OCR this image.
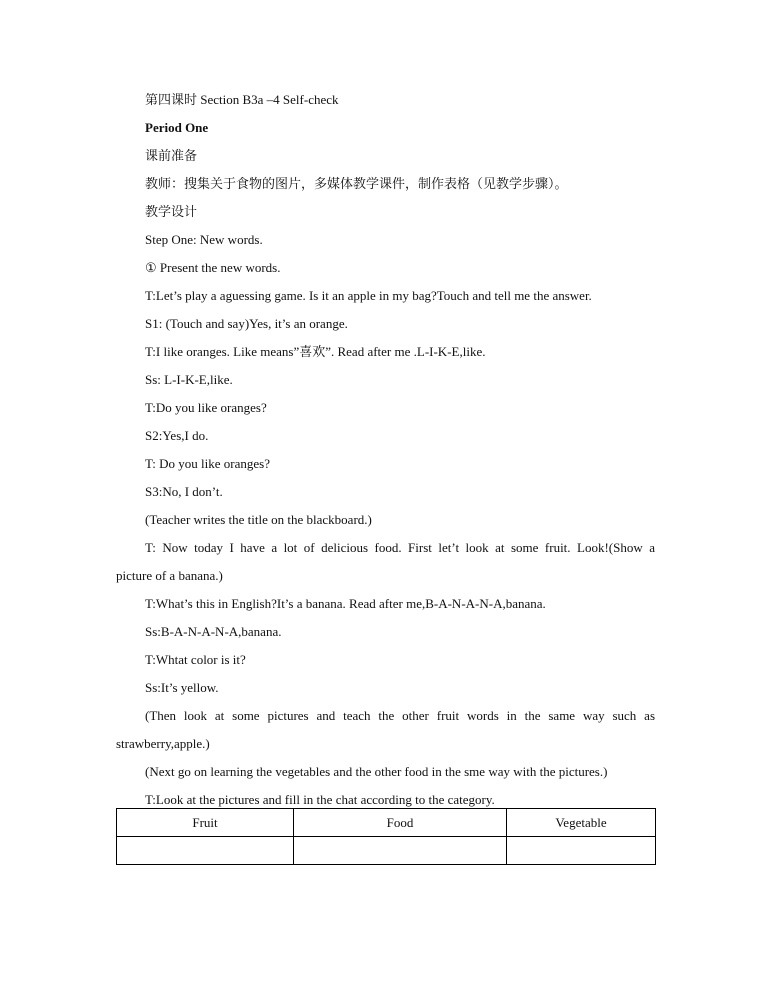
第四课时 Section B3a –4 Self-check
Period One
课前准备
教师：搜集关于食物的图片，多媒体教学课件，制作表格（见教学步骤）。
教学设计
Step One: New words.
① Present the new words.
T:Let’s play a aguessing game. Is it an apple in my bag?Touch and tell me the answer.
S1: (Touch and say)Yes, it’s an orange.
T:I like oranges. Like means”喜欢”. Read after me .L-I-K-E,like.
Ss: L-I-K-E,like.
T:Do you like oranges?
S2:Yes,I do.
T: Do you like oranges?
S3:No, I don’t.
(Teacher writes the title on the blackboard.)
T: Now today I have a lot of delicious food. First let’t look at some fruit. Look!(Show a
picture of a banana.)
T:What’s this in English?It’s a banana. Read after me,B-A-N-A-N-A,banana.
Ss:B-A-N-A-N-A,banana.
T:Whtat color is it?
Ss:It’s yellow.
(Then look at some pictures and teach the other fruit words in the same way such as
strawberry,apple.)
(Next go on learning the vegetables and the other food in the sme way with the pictures.)
T:Look at the pictures and fill in the chat according to the category.
Fruit	Food	Vegetable
